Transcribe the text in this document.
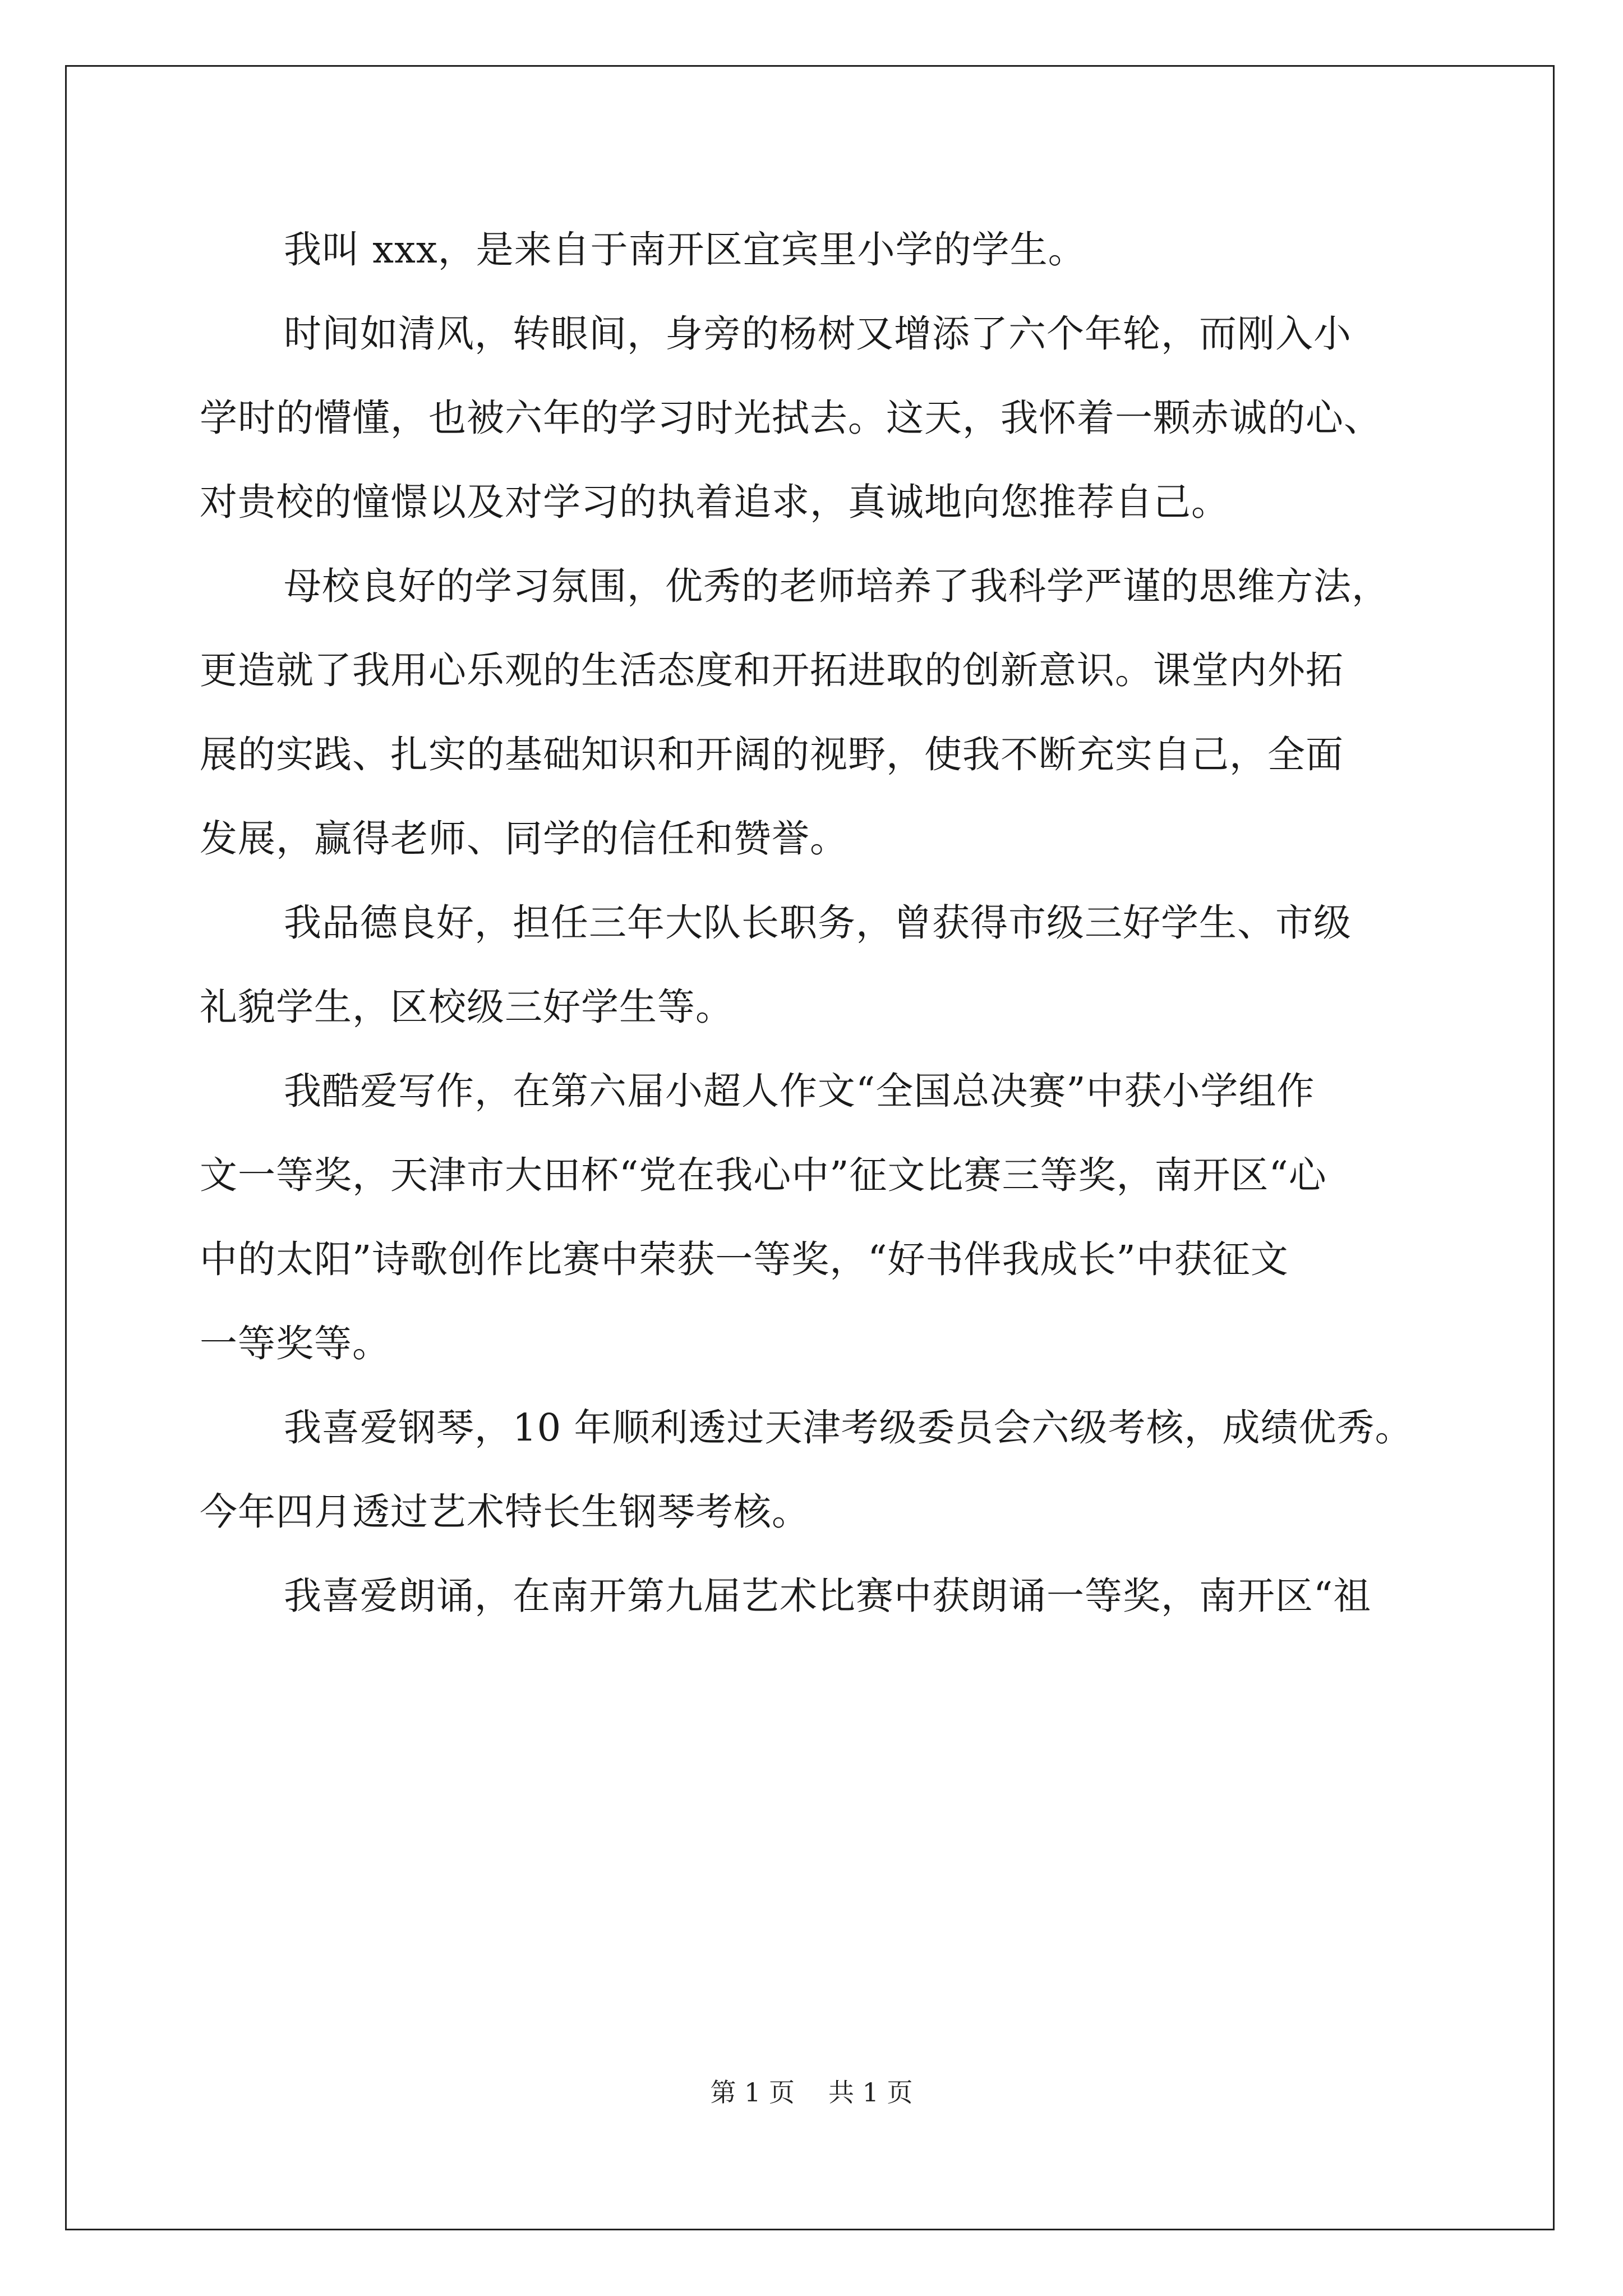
我叫 xxx，是来自于南开区宜宾里小学的学生。

时间如清风，转眼间，身旁的杨树又增添了六个年轮，而刚入小
学时的懵懂，也被六年的学习时光拭去。这天，我怀着一颗赤诚的心、
对贵校的憧憬以及对学习的执着追求，真诚地向您推荐自己。

母校良好的学习氛围，优秀的老师培养了我科学严谨的思维方法，
更造就了我用心乐观的生活态度和开拓进取的创新意识。课堂内外拓
展的实践、扎实的基础知识和开阔的视野，使我不断充实自己，全面
发展，赢得老师、同学的信任和赞誉。

我品德良好，担任三年大队长职务，曾获得市级三好学生、市级
礼貌学生，区校级三好学生等。

我酷爱写作，在第六届小超人作文“全国总决赛”中获小学组作
文一等奖，天津市大田杯“党在我心中”征文比赛三等奖，南开区“心
中的太阳”诗歌创作比赛中荣获一等奖，“好书伴我成长”中获征文
一等奖等。

我喜爱钢琴，10 年顺利透过天津考级委员会六级考核，成绩优秀。
今年四月透过艺术特长生钢琴考核。

我喜爱朗诵，在南开第九届艺术比赛中获朗诵一等奖，南开区“祖

第 1 页 共 1 页
